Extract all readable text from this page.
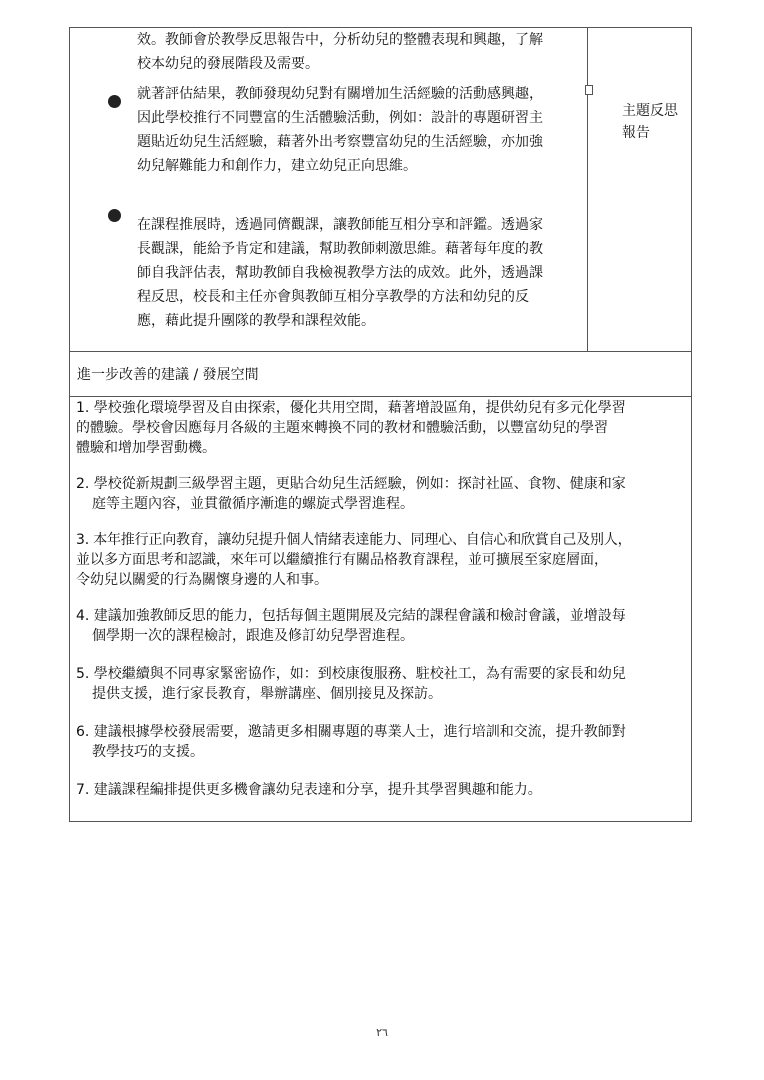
效。教師會於教學反思報告中，分析幼兒的整體表現和興趣，了解
校本幼兒的發展階段及需要。
就著評估結果，教師發現幼兒對有關增加生活經驗的活動感興趣，
因此學校推行不同豐富的生活體驗活動，例如：設計的專題研習主
題貼近幼兒生活經驗，藉著外出考察豐富幼兒的生活經驗，亦加強
幼兒解難能力和創作力，建立幼兒正向思維。
在課程推展時，透過同儕觀課，讓教師能互相分享和評鑑。透過家
長觀課，能給予肯定和建議，幫助教師刺激思維。藉著每年度的教
師自我評估表，幫助教師自我檢視教學方法的成效。此外，透過課
程反思，校長和主任亦會與教師互相分享教學的方法和幼兒的反
應，藉此提升團隊的教學和課程效能。
主題反思
報告
進一步改善的建議 / 發展空間
1. 學校強化環境學習及自由探索，優化共用空間，藉著增設區角，提供幼兒有多元化學習
的體驗。學校會因應每月各級的主題來轉換不同的教材和體驗活動，以豐富幼兒的學習
體驗和增加學習動機。
2. 學校從新規劃三級學習主題，更貼合幼兒生活經驗，例如：探討社區、食物、健康和家
庭等主題內容，並貫徹循序漸進的螺旋式學習進程。
3. 本年推行正向教育，讓幼兒提升個人情緒表達能力、同理心、自信心和欣賞自己及別人，
並以多方面思考和認識，來年可以繼續推行有關品格教育課程，並可擴展至家庭層面，
令幼兒以關愛的行為關懷身邊的人和事。
4. 建議加強教師反思的能力，包括每個主題開展及完結的課程會議和檢討會議，並增設每
個學期一次的課程檢討，跟進及修訂幼兒學習進程。
5. 學校繼續與不同專家緊密協作，如：到校康復服務、駐校社工，為有需要的家長和幼兒
提供支援，進行家長教育，舉辦講座、個別接見及探訪。
6. 建議根據學校發展需要，邀請更多相關專題的專業人士，進行培訓和交流，提升教師對
教學技巧的支援。
7. 建議課程編排提供更多機會讓幼兒表達和分享，提升其學習興趣和能力。
٢٦
